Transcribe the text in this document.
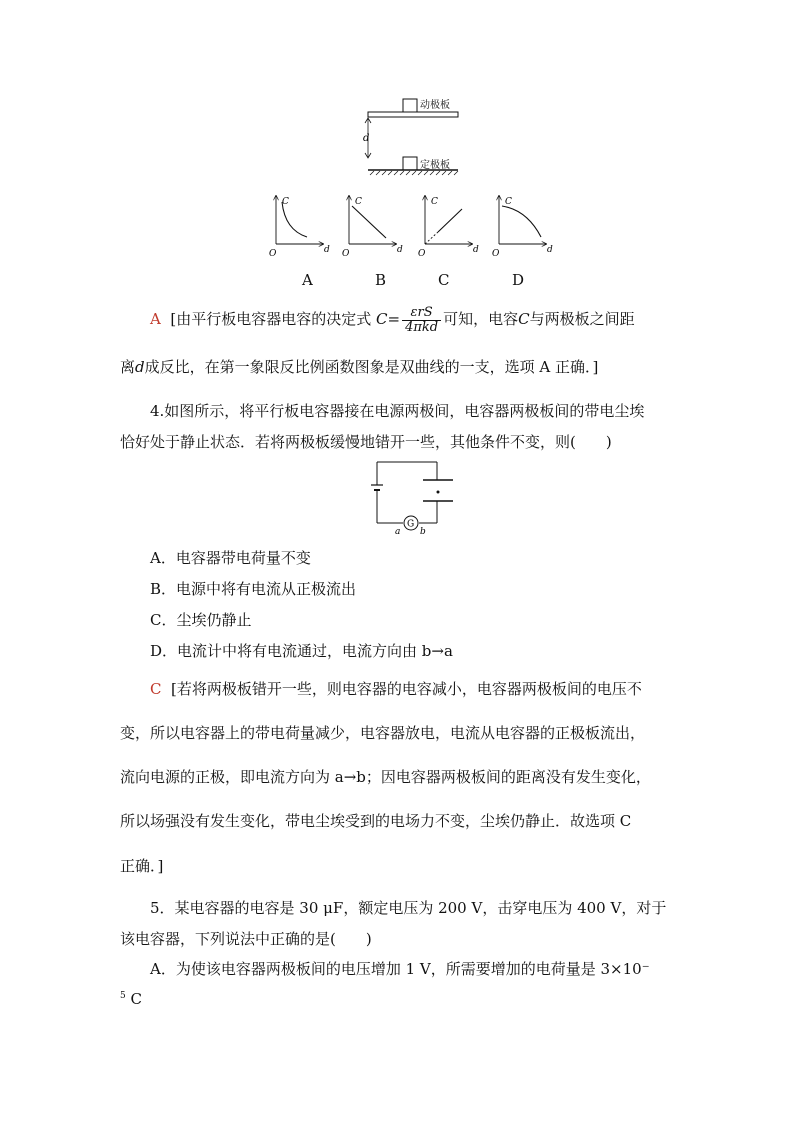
d
动极板
定极板
C
d
O
C
d
O
C
d
O
C
d
O
A	B	C	D
A [由平行板电容器电容的决定式 $C= \frac{\text{εrS}}{\text{4πkd}}$ 可知，电容C与两极板之间距
离d成反比，在第一象限反比例函数图象是双曲线的一支，选项 A 正确．]
4.如图所示，将平行板电容器接在电源两极间，电容器两极板间的带电尘埃
恰好处于静止状态．若将两极板缓慢地错开一些，其他条件不变，则(　　)
G
a b
A．电容器带电荷量不变
B．电源中将有电流从正极流出
C．尘埃仍静止
D．电流计中将有电流通过，电流方向由 b→a
C [若将两极板错开一些，则电容器的电容减小，电容器两极板间的电压不
变，所以电容器上的带电荷量减少，电容器放电，电流从电容器的正极板流出，
流向电源的正极，即电流方向为 a→b；因电容器两极板间的距离没有发生变化，
所以场强没有发生变化，带电尘埃受到的电场力不变，尘埃仍静止．故选项 C
正确．]
5．某电容器的电容是 30 μF，额定电压为 200 V，击穿电压为 400 V，对于
该电容器，下列说法中正确的是(　　)
A．为使该电容器两极板间的电压增加 1 V，所需要增加的电荷量是 3×10⁻
$^5$ C
